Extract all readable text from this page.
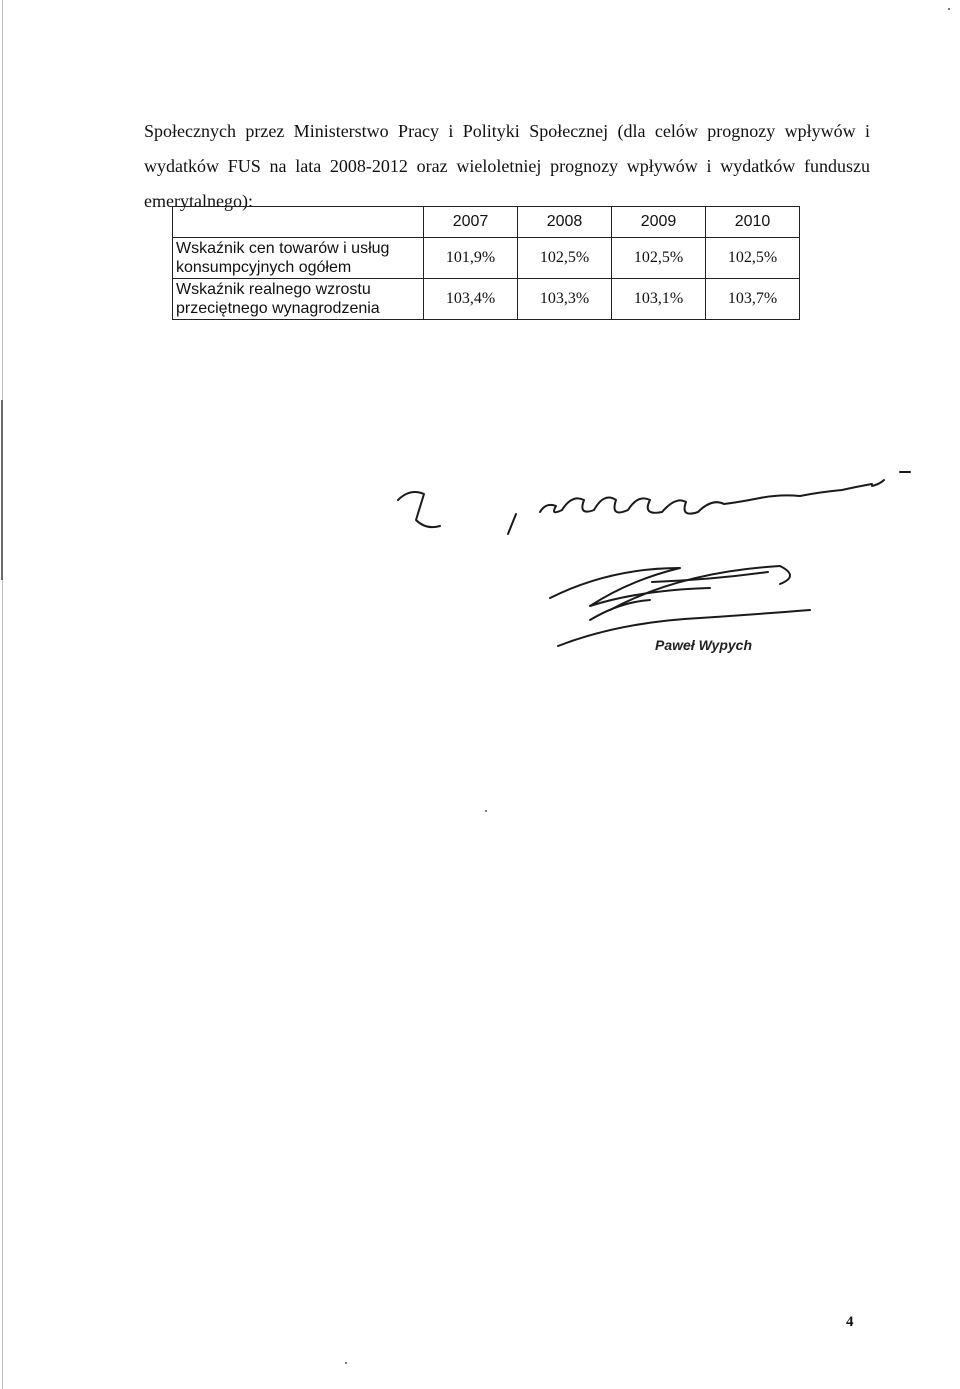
Społecznych przez Ministerstwo Pracy i Polityki Społecznej (dla celów prognozy wpływów i wydatków FUS na lata 2008-2012 oraz wieloletniej prognozy wpływów i wydatków funduszu emerytalnego):

	2007	2008	2009	2010
Wskaźnik cen towarów i usług konsumpcyjnych ogółem	101,9%	102,5%	102,5%	102,5%
Wskaźnik realnego wzrostu przeciętnego wynagrodzenia	103,4%	103,3%	103,1%	103,7%
Paweł Wypych
4
